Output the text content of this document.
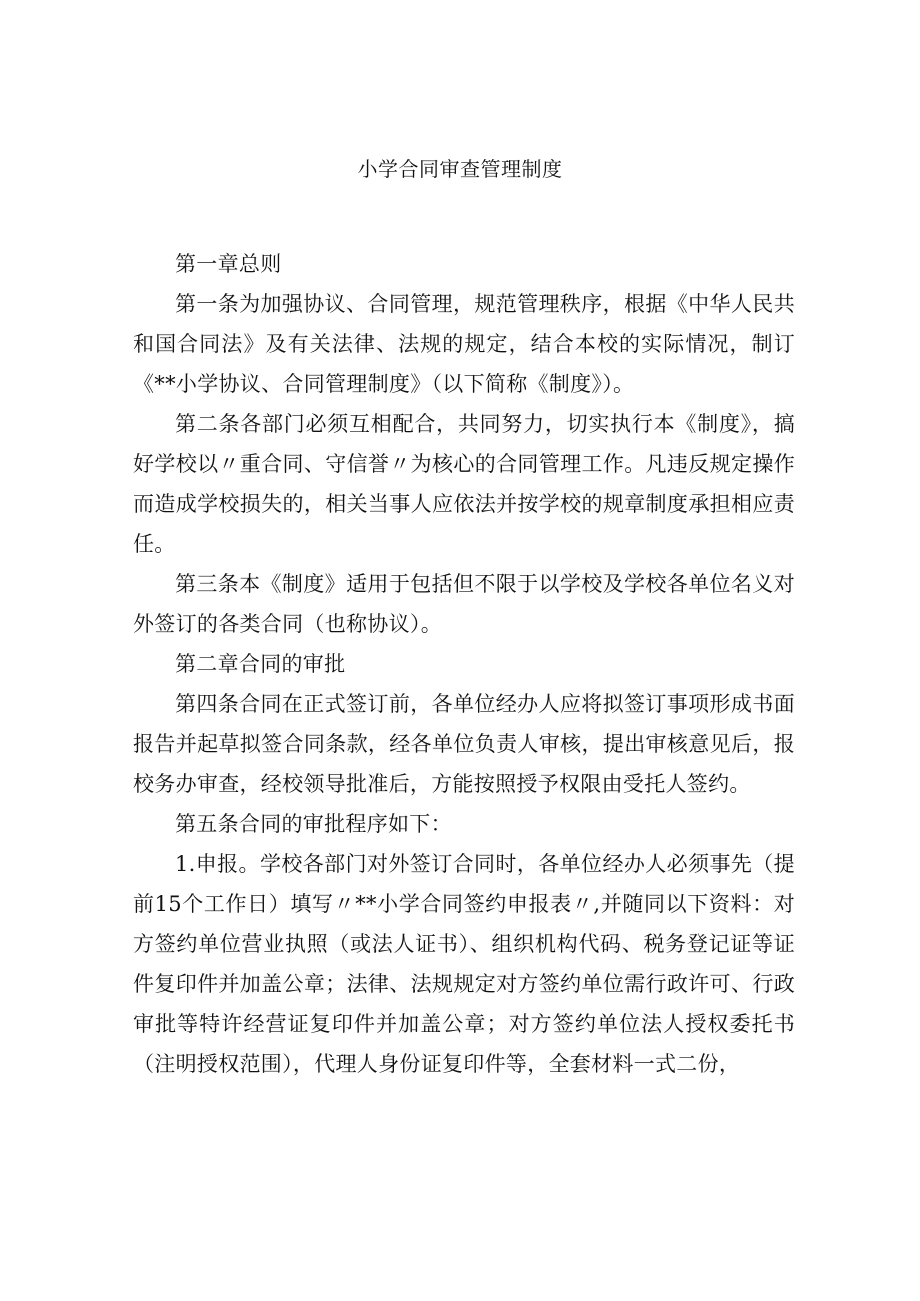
小学合同审查管理制度

第一章总则

第一条为加强协议、合同管理，规范管理秩序，根据《中华人民共和国合同法》及有关法律、法规的规定，结合本校的实际情况，制订《**小学协议、合同管理制度》（以下简称《制度》）。

第二条各部门必须互相配合，共同努力，切实执行本《制度》，搞好学校以〃重合同、守信誉〃为核心的合同管理工作。凡违反规定操作而造成学校损失的，相关当事人应依法并按学校的规章制度承担相应责任。

第三条本《制度》适用于包括但不限于以学校及学校各单位名义对外签订的各类合同（也称协议）。

第二章合同的审批

第四条合同在正式签订前，各单位经办人应将拟签订事项形成书面报告并起草拟签合同条款，经各单位负责人审核，提出审核意见后，报校务办审查，经校领导批准后，方能按照授予权限由受托人签约。

第五条合同的审批程序如下：

1.申报。学校各部门对外签订合同时，各单位经办人必须事先（提前15个工作日）填写〃**小学合同签约申报表〃,并随同以下资料：对方签约单位营业执照（或法人证书）、组织机构代码、税务登记证等证件复印件并加盖公章；法律、法规规定对方签约单位需行政许可、行政审批等特许经营证复印件并加盖公章；对方签约单位法人授权委托书（注明授权范围），代理人身份证复印件等，全套材料一式二份，
